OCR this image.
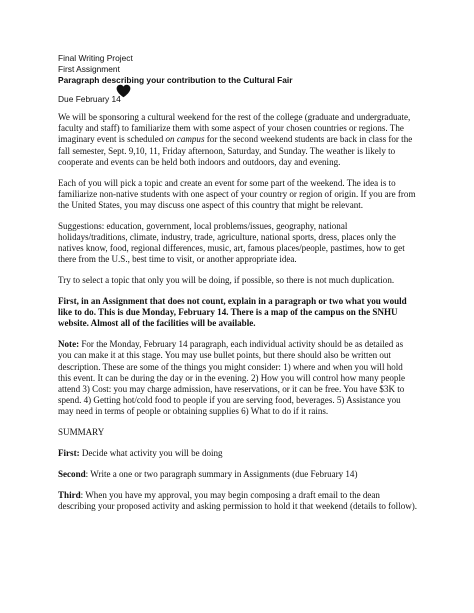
Final Writing Project
First Assignment
Paragraph describing your contribution to the Cultural Fair
Due February 14

We will be sponsoring a cultural weekend for the rest of the college (graduate and undergraduate, faculty and staff) to familiarize them with some aspect of your chosen countries or regions. The imaginary event is scheduled on campus for the second weekend students are back in class for the fall semester, Sept. 9,10, 11, Friday afternoon, Saturday, and Sunday. The weather is likely to cooperate and events can be held both indoors and outdoors, day and evening.

Each of you will pick a topic and create an event for some part of the weekend. The idea is to familiarize non-native students with one aspect of your country or region of origin. If you are from the United States, you may discuss one aspect of this country that might be relevant.

Suggestions: education, government, local problems/issues, geography, national holidays/traditions, climate, industry, trade, agriculture, national sports, dress, places only the natives know, food, regional differences, music, art, famous places/people, pastimes, how to get there from the U.S., best time to visit, or another appropriate idea.

Try to select a topic that only you will be doing, if possible, so there is not much duplication.

First, in an Assignment that does not count, explain in a paragraph or two what you would like to do. This is due Monday, February 14. There is a map of the campus on the SNHU website. Almost all of the facilities will be available.

Note: For the Monday, February 14 paragraph, each individual activity should be as detailed as you can make it at this stage. You may use bullet points, but there should also be written out description. These are some of the things you might consider: 1) where and when you will hold this event. It can be during the day or in the evening. 2) How you will control how many people attend 3) Cost: you may charge admission, have reservations, or it can be free. You have $3K to spend. 4) Getting hot/cold food to people if you are serving food, beverages. 5) Assistance you may need in terms of people or obtaining supplies 6) What to do if it rains.

SUMMARY

First: Decide what activity you will be doing

Second: Write a one or two paragraph summary in Assignments (due February 14)

Third: When you have my approval, you may begin composing a draft email to the dean describing your proposed activity and asking permission to hold it that weekend (details to follow).
